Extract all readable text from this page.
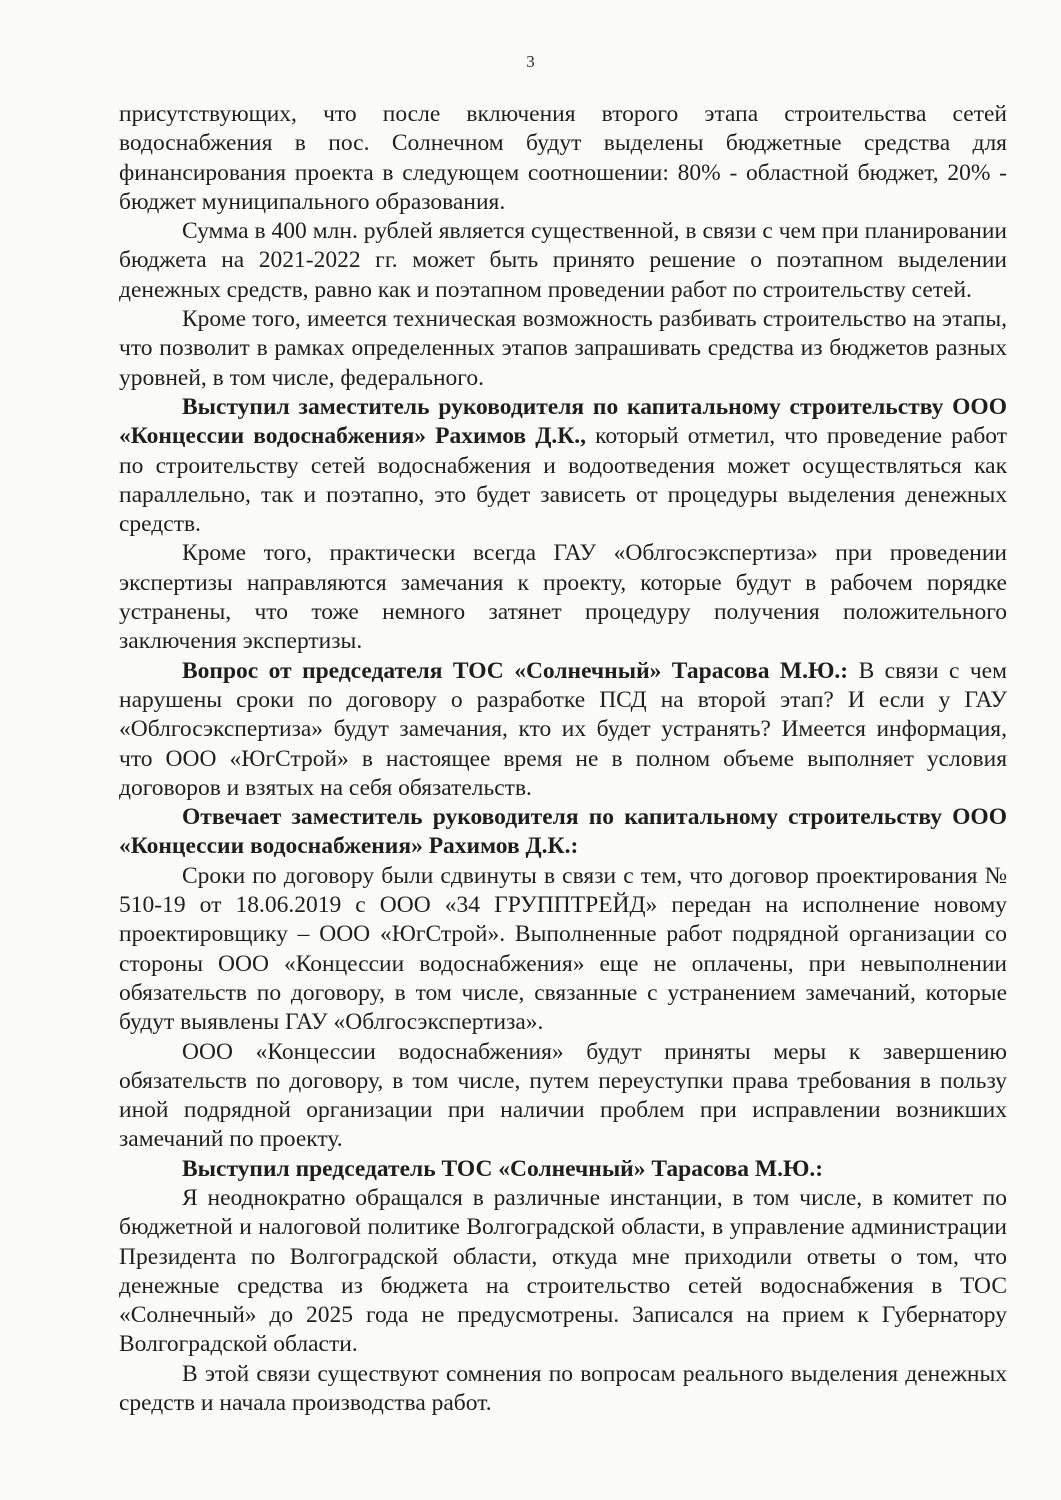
3

присутствующих, что после включения второго этапа строительства сетей водоснабжения в пос. Солнечном будут выделены бюджетные средства для финансирования проекта в следующем соотношении: 80% - областной бюджет, 20% - бюджет муниципального образования.

Сумма в 400 млн. рублей является существенной, в связи с чем при планировании бюджета на 2021-2022 гг. может быть принято решение о поэтапном выделении денежных средств, равно как и поэтапном проведении работ по строительству сетей.

Кроме того, имеется техническая возможность разбивать строительство на этапы, что позволит в рамках определенных этапов запрашивать средства из бюджетов разных уровней, в том числе, федерального.

Выступил заместитель руководителя по капитальному строительству ООО «Концессии водоснабжения» Рахимов Д.К., который отметил, что проведение работ по строительству сетей водоснабжения и водоотведения может осуществляться как параллельно, так и поэтапно, это будет зависеть от процедуры выделения денежных средств.

Кроме того, практически всегда ГАУ «Облгосэкспертиза» при проведении экспертизы направляются замечания к проекту, которые будут в рабочем порядке устранены, что тоже немного затянет процедуру получения положительного заключения экспертизы.

Вопрос от председателя ТОС «Солнечный» Тарасова М.Ю.: В связи с чем нарушены сроки по договору о разработке ПСД на второй этап? И если у ГАУ «Облгосэкспертиза» будут замечания, кто их будет устранять? Имеется информация, что ООО «ЮгСтрой» в настоящее время не в полном объеме выполняет условия договоров и взятых на себя обязательств.

Отвечает заместитель руководителя по капитальному строительству ООО «Концессии водоснабжения» Рахимов Д.К.:

Сроки по договору были сдвинуты в связи с тем, что договор проектирования № 510-19 от 18.06.2019 с ООО «34 ГРУППТРЕЙД» передан на исполнение новому проектировщику – ООО «ЮгСтрой». Выполненные работ подрядной организации со стороны ООО «Концессии водоснабжения» еще не оплачены, при невыполнении обязательств по договору, в том числе, связанные с устранением замечаний, которые будут выявлены ГАУ «Облгосэкспертиза».

ООО «Концессии водоснабжения» будут приняты меры к завершению обязательств по договору, в том числе, путем переуступки права требования в пользу иной подрядной организации при наличии проблем при исправлении возникших замечаний по проекту.

Выступил председатель ТОС «Солнечный» Тарасова М.Ю.:

Я неоднократно обращался в различные инстанции, в том числе, в комитет по бюджетной и налоговой политике Волгоградской области, в управление администрации Президента по Волгоградской области, откуда мне приходили ответы о том, что денежные средства из бюджета на строительство сетей водоснабжения в ТОС «Солнечный» до 2025 года не предусмотрены. Записался на прием к Губернатору Волгоградской области.

В этой связи существуют сомнения по вопросам реального выделения денежных средств и начала производства работ.
